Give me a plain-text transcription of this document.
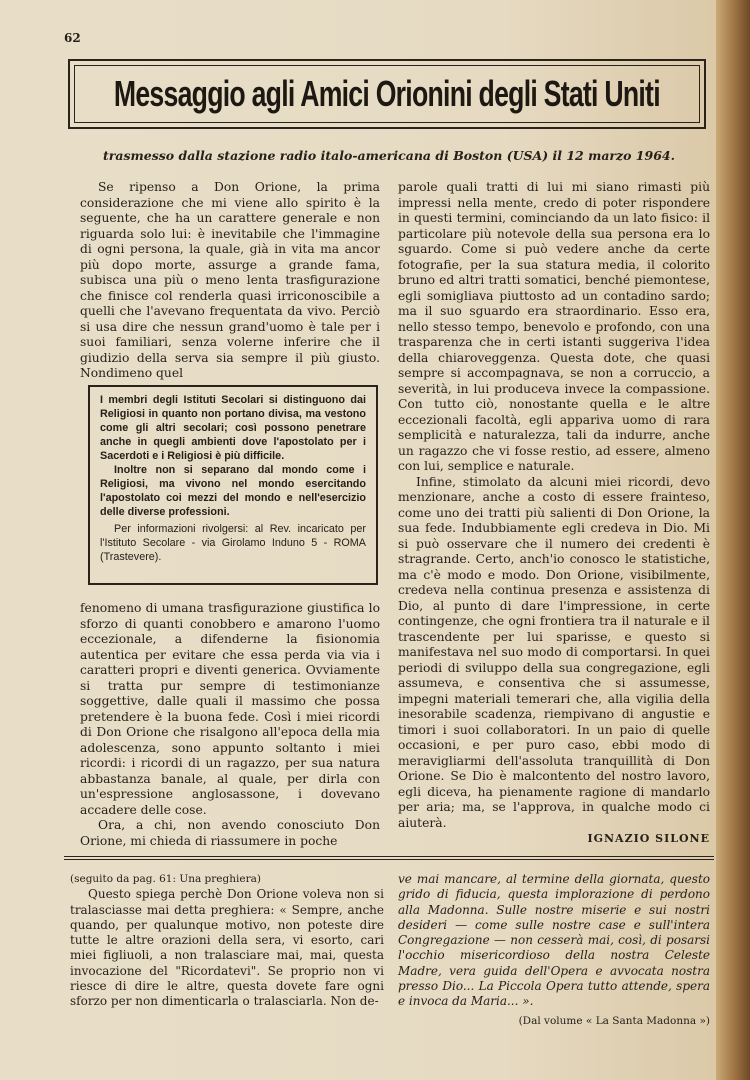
62
Messaggio agli Amici Orionini degli Stati Uniti
trasmesso dalla stazione radio italo-americana di Boston (USA) il 12 marzo 1964.

Se ripenso a Don Orione, la prima considerazione che mi viene allo spirito è la seguente, che ha un carattere generale e non riguarda solo lui: è inevitabile che l'immagine di ogni persona, la quale, già in vita ma ancor più dopo morte, assurge a grande fama, subisca una più o meno lenta trasfigurazione che finisce col renderla quasi irriconoscibile a quelli che l'avevano frequentata da vivo. Perciò si usa dire che nessun grand'uomo è tale per i suoi familiari, senza volerne inferire che il giudizio della serva sia sempre il più giusto. Nondimeno quel

I membri degli Istituti Secolari si distinguono dai Religiosi in quanto non portano divisa, ma vestono come gli altri secolari; così possono penetrare anche in quegli ambienti dove l'apostolato per i Sacerdoti e i Religiosi è più difficile.

Inoltre non si separano dal mondo come i Religiosi, ma vivono nel mondo esercitando l'apostolato coi mezzi del mondo e nell'esercizio delle diverse professioni.

Per informazioni rivolgersi: al Rev. incaricato per l'Istituto Secolare - via Girolamo Induno 5 - ROMA (Trastevere).

fenomeno di umana trasfigurazione giustifica lo sforzo di quanti conobbero e amarono l'uomo eccezionale, a difenderne la fisionomia autentica per evitare che essa perda via via i caratteri propri e diventi generica. Ovviamente si tratta pur sempre di testimonianze soggettive, dalle quali il massimo che possa pretendere è la buona fede. Così i miei ricordi di Don Orione che risalgono all'epoca della mia adolescenza, sono appunto soltanto i miei ricordi: i ricordi di un ragazzo, per sua natura abbastanza banale, al quale, per dirla con un'espressione anglosassone, i dovevano accadere delle cose.

Ora, a chi, non avendo conosciuto Don Orione, mi chieda di riassumere in poche

parole quali tratti di lui mi siano rimasti più impressi nella mente, credo di poter rispondere in questi termini, cominciando da un lato fisico: il particolare più notevole della sua persona era lo sguardo. Come si può vedere anche da certe fotografie, per la sua statura media, il colorito bruno ed altri tratti somatici, benché piemontese, egli somigliava piuttosto ad un contadino sardo; ma il suo sguardo era straordinario. Esso era, nello stesso tempo, benevolo e profondo, con una trasparenza che in certi istanti suggeriva l'idea della chiaroveggenza. Questa dote, che quasi sempre si accompagnava, se non a corruccio, a severità, in lui produceva invece la compassione. Con tutto ciò, nonostante quella e le altre eccezionali facoltà, egli appariva uomo di rara semplicità e naturalezza, tali da indurre, anche un ragazzo che vi fosse restio, ad essere, almeno con lui, semplice e naturale.

Infine, stimolato da alcuni miei ricordi, devo menzionare, anche a costo di essere frainteso, come uno dei tratti più salienti di Don Orione, la sua fede. Indubbiamente egli credeva in Dio. Mi si può osservare che il numero dei credenti è stragrande. Certo, anch'io conosco le statistiche, ma c'è modo e modo. Don Orione, visibilmente, credeva nella continua presenza e assistenza di Dio, al punto di dare l'impressione, in certe contingenze, che ogni frontiera tra il naturale e il trascendente per lui sparisse, e questo si manifestava nel suo modo di comportarsi. In quei periodi di sviluppo della sua congregazione, egli assumeva, e consentiva che si assumesse, impegni materiali temerari che, alla vigilia della inesorabile scadenza, riempivano di angustie e timori i suoi collaboratori. In un paio di quelle occasioni, e per puro caso, ebbi modo di meravigliarmi dell'assoluta tranquillità di Don Orione. Se Dio è malcontento del nostro lavoro, egli diceva, ha pienamente ragione di mandarlo per aria; ma, se l'approva, in qualche modo ci aiuterà.

IGNAZIO SILONE

(seguito da pag. 61: Una preghiera)

Questo spiega perchè Don Orione voleva non si tralasciasse mai detta preghiera: « Sempre, anche quando, per qualunque motivo, non poteste dire tutte le altre orazioni della sera, vi esorto, cari miei figliuoli, a non tralasciare mai, mai, questa invocazione del "Ricordatevi". Se proprio non vi riesce di dire le altre, questa dovete fare ogni sforzo per non dimenticarla o tralasciarla. Non de-

ve mai mancare, al termine della giornata, questo grido di fiducia, questa implorazione di perdono alla Madonna. Sulle nostre miserie e sui nostri desideri — come sulle nostre case e sull'intera Congregazione — non cesserà mai, così, di posarsi l'occhio misericordioso della nostra Celeste Madre, vera guida dell'Opera e avvocata nostra presso Dio... La Piccola Opera tutto attende, spera e invoca da Maria... ».

(Dal volume « La Santa Madonna »)
